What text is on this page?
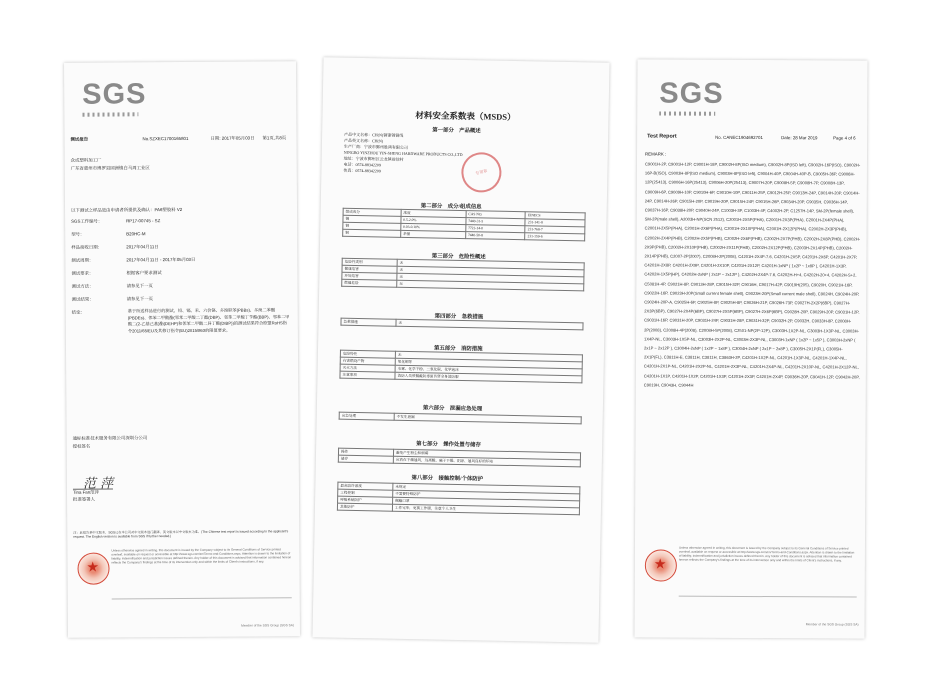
SGS
测试报告	No.SZXEC1700165801	日期: 2017年05月03日 第1页,共8页
众成塑料加工厂
广东省惠州市博罗县园洲镇白马周工业区
以下测试之样品是由申请者所提供及确认：PA6塑胶料 V2
SGS工作编号：	RP17-00745 - SZ
型号：	B20HC-M
样品接收日期：	2017年04月11日
测试周期：	2017年04月11日 - 2017年05月03日
测试要求：	根据客户要求测试
测试方法：	请参见下一页
测试结果：	请参见下一页
结论：	基于所送样品进行的测试，铅、镉、汞、六价铬、多溴联苯(PBBs)、多溴二苯醚(PBDEs)、邻苯二甲酸酯(邻苯二甲酸二丁酯(DBP)、邻苯二甲酸丁苄酯(BBP)、邻苯二甲酸二(2-乙基己基)酯(DEHP)和邻苯二甲酸二异丁酯(DIBP))的测试结果符合欧盟RoHS指令2011/65/EU及其修订指令(EU)2015/863的限值要求。
通标标准技术服务有限公司深圳分公司
授权签名
范 萍
Tina Fan范萍
批准签署人
注：此报告是中文版本，SGS已在本公司对中文版本进行翻译，英文版本以中文版本为准。(The Chinese test report is issued according to the applicant's request. The English version is available from SGS if further needed.)
★
Unless otherwise agreed in writing, this document is issued by the Company subject to its General Conditions of Service printed overleaf, available on request or accessible at http://www.sgs.com/en/Terms-and-Conditions.aspx. Attention is drawn to the limitation of liability, indemnification and jurisdiction issues defined therein. Any holder of this document is advised that information contained hereon reflects the Company's findings at the time of its intervention only and within the limits of Client's instructions, if any.
Member of the SGS Group (SGS SA)
材料安全系数表（MSDS）
第一部分　产品概述
产品中文名称：CH(N)铜镍锡铜线
产品英文名称：CH(N)
生产厂商：宁波市鄞州胜鸿有限公司
NINGBO YINZHOU YIN-SHENG HARDWARE PRODUCTS CO.,LTD
地址：宁波市鄞州区云龙镇前徐村
电话：0574-88342209
传真：0574-88342209	专用章
第二部分　成分/组成信息
组成成分	浓度	CAS NO.	EINECS
锡	0.5-2.0%	7440-31-5	231-141-8
铜	0.03-0.10%	7723-14-0	231-768-7
铜	余量	7440-50-8	231-159-6
第三部分　危险性概述
危险性类别	无
健康危害	无
环境危害	无
燃爆危险	无
第四部分　急救措施
急救措施	无
第五部分　消防措施
危险特性	无
有害燃烧产物	氧化铜等
灭火方法	水雾、化学干粉、二氧化碳、化学泡沫
注意事项	消防人员须佩戴防毒面具穿全身消防服
第六部分　泄漏应急处理
应急处理	不发生泄漏
第七部分　操作处置与储存
操作	避免产生粉尘和烟雾
储存	应放在干燥通风，远离酸、碱于干燥、阴凉、通风良好的环境
第八部分　接触控制/个体防护
最高容许浓度	未规定
工程控制	不需要特殊防护
呼吸系统防护	佩戴口罩
其他防护	工作完毕，更换工作服，注意个人卫生
SGS
Test Report	No. CANEC1904692701	Date: 28 Mar 2019	Page 4 of 6
REMARK :
C9001H-2P, C9001H-12P, C9001H-18P, C9002H-8P(ISO medium), C9002H-8P(ISO left), C9002H-16P(ISO), C9002H-16P-B(ISO), C9003H-8P(ISO medium), C9003H-8P(ISO left), C9004H-40P, C9004H-40P-B, C9005H-36P, C9006H-12P(25413), C9006H-16P(25413), C9006H-20P(25413), C9007H-20P, C9008H-5P, C9008H-7P, C9008H-13P, C9009H-6P, C9009H-10P, C9010H-6P, C9010H-10P, C9011H-25P, C9012H-25P, C9013H-24P, C9014H-20P, C9014H-24P, C9014H-26P, C9015H-20P, C9019H-20P, C9015H-24P, C9015H-26P, C9034H-20P, C9035H, C9036H-14P, C9037H-16P, C9038H-20P, C9040H-24P, C1003H-3P, C1003H-4P, C4002H-2P, C1257H-14P, SM-2P(female shell), SM-2P(male shell), A2003H-NP(SCN 2512), C2001H-2X5P(PHA), C2001H-2X3P(PHA), C2001H-2X4P(PHA), C2001H-2X5P(PHA), C2001H-2X6P(PHA), C2001H-2X10P(PHA), C2001H-2X12P(PHA), C2002H-2X3P(PHB), C2002H-2X4P(PHB), C2002H-2X5P(PHB), C2002H-2X6P(PHB), C2002H-2X7P(PHB), C2002H-2X8P(PHB), C2002H-2X9P(PHB), C2002H-2X10P(PHB), C2002H-2X11P(PHB), C2002H-2X12P(PHB), C2003H-2X14P(PHB), C2002H-2X14P(PHB), C2007-2P(2007), C2008H-2P(2008), C4201H-2X4P-7.6, C4201H-2X5P, C4201H-2X6P, C4201H-2X7P, C4201H-2X8P, C4201H-2X9P, C4201H-2X10P, C4201H-2X12P, C4201H-1xNP ( 1x2P ~ 1x8P ), C4201H-1X3P, C4202H-1X5P(HP), C4202H-2xNP ( 2x1P ~ 2x12P ), C4202H-2X4P-7.6, C4202H-H+4, C4202H-20+4, C4202H-S+2, C5081H-4P, C9021H-8P, C9013H-28P, C9015H-32P, C9016H, C9017H-42P, C9019H(205), C9020H, C9021H-16P, C9022H-16P, C9023H-20P(Small current female shell), C9023H-20P(Small current male shell), C9024H, C9024H-20P, C9024H-20P-A, C9025H-6P, C9025H-8P, C9025H-8P, C9026H-21P, C9026H-73P, C9027H-2X2P(6BP), C9027H-2X3P(6BP), C9027H-2X4P(6BP), C9027H-2X5P(6BP), C9027H-2X6P(6BP), C9028H-20P, C9029H-20P, C9031H-12P, C9031H-16P, C9031H-20P, C9031H-24P, C9031H-28P, C9031H-32P, C9032H-2P, C9032H, C9033H-8P, C2008H-2P(2008), C2008H-4P(2008), C2008H-5P(2008), C2501-NP(2P-12P), C3003H-1X2P-NL, C3003H-1X3P-NL, C3003H-1X4P-NL, C3003H-1X5P-NL, C3003H-2X2P-NL, C3003H-2X3P-NL, C3003H-1xNP ( 1x2P ~ 1x5P ), C3003H-2xNP ( 2x1P ~ 2x12P ), C3004H-2xNP ( 1x2P ~ 1x8P ), C3004H-2xNP ( 2x1P ~ 2x8P ), C3005H-2X1P(FL), C3005H-2X1P(FL), C3811H-E, C3811H, C3811H, C3863H-2P, C4201H-1X2P-NL, C4201H-1X3P-NL, C4201H-1X4P-NL, C4201H-2X1P-NL, C4201H-2X2P-NL, C4201H-2X3P-NL, C4201H-2X4P-NL, C4201H-2X10P-NL, C4201H-2X12P-NL, C4201H-1X1P, C4201H-1X2P, C4201H-1X3P, C4201H-2X3P, C4201H-2X4P, C9036H-20P, C9041H-12P, C9042H-20P, C9019H, C9043H, C9044H
★
Unless otherwise agreed in writing, this document is issued by the Company subject to its General Conditions of Service printed overleaf, available on request or accessible at http://www.sgs.com/en/Terms-and-Conditions.aspx. Attention is drawn to the limitation of liability, indemnification and jurisdiction issues defined therein. Any holder of this document is advised that information contained hereon reflects the Company's findings at the time of its intervention only and within the limits of Client's instructions, if any.
Member of the SGS Group (SGS SA)
